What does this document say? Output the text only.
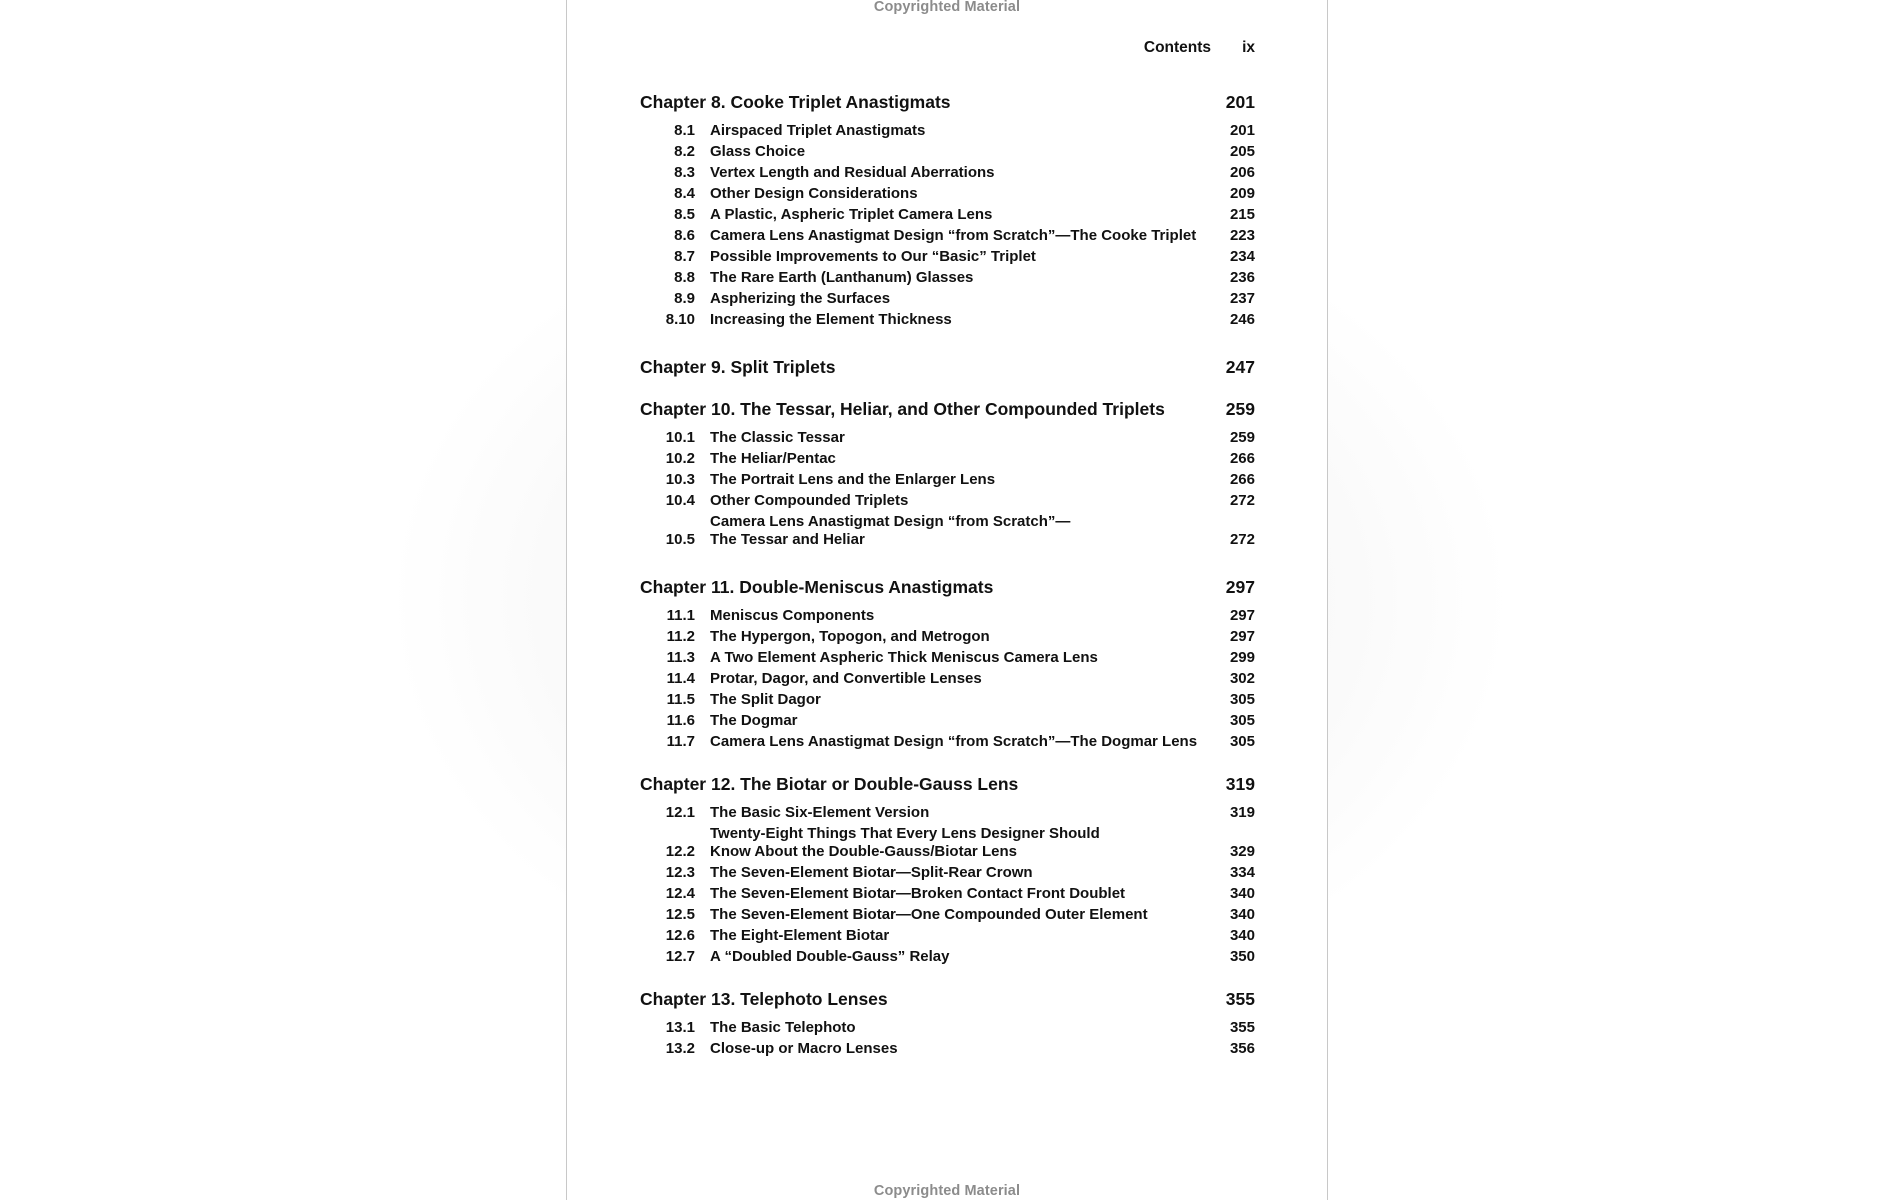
Copyrighted Material
Contents ix
Chapter 8. Cooke Triplet Anastigmats	201
8.1	Airspaced Triplet Anastigmats	201
8.2	Glass Choice	205
8.3	Vertex Length and Residual Aberrations	206
8.4	Other Design Considerations	209
8.5	A Plastic, Aspheric Triplet Camera Lens	215
8.6	Camera Lens Anastigmat Design “from Scratch”—The Cooke Triplet	223
8.7	Possible Improvements to Our “Basic” Triplet	234
8.8	The Rare Earth (Lanthanum) Glasses	236
8.9	Aspherizing the Surfaces	237
8.10	Increasing the Element Thickness	246
Chapter 9. Split Triplets	247
Chapter 10. The Tessar, Heliar, and Other Compounded Triplets	259
10.1	The Classic Tessar	259
10.2	The Heliar/Pentac	266
10.3	The Portrait Lens and the Enlarger Lens	266
10.4	Other Compounded Triplets	272
10.5
Camera Lens Anastigmat Design “from Scratch”—
The Tessar and Heliar	272
Chapter 11. Double-Meniscus Anastigmats	297
11.1	Meniscus Components	297
11.2	The Hypergon, Topogon, and Metrogon	297
11.3	A Two Element Aspheric Thick Meniscus Camera Lens	299
11.4	Protar, Dagor, and Convertible Lenses	302
11.5	The Split Dagor	305
11.6	The Dogmar	305
11.7	Camera Lens Anastigmat Design “from Scratch”—The Dogmar Lens	305
Chapter 12. The Biotar or Double-Gauss Lens	319
12.1	The Basic Six-Element Version	319
12.2
Twenty-Eight Things That Every Lens Designer Should
Know About the Double-Gauss/Biotar Lens	329
12.3	The Seven-Element Biotar—Split-Rear Crown	334
12.4	The Seven-Element Biotar—Broken Contact Front Doublet	340
12.5	The Seven-Element Biotar—One Compounded Outer Element	340
12.6	The Eight-Element Biotar	340
12.7	A “Doubled Double-Gauss” Relay	350
Chapter 13. Telephoto Lenses	355
13.1	The Basic Telephoto	355
13.2	Close-up or Macro Lenses	356
Copyrighted Material
